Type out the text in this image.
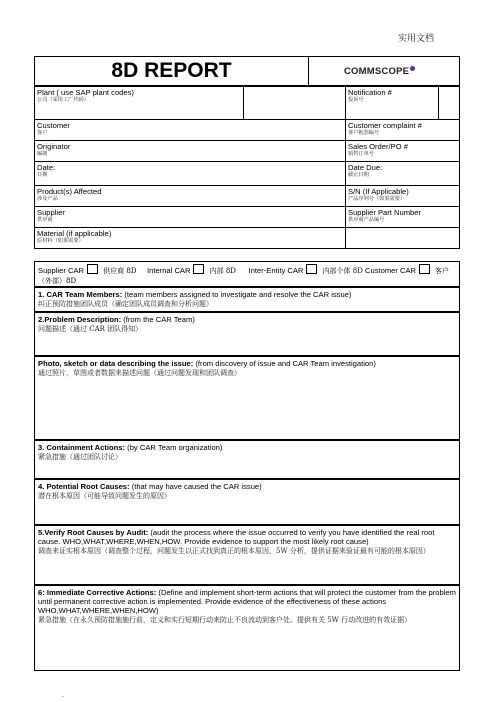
实用文档
8D REPORT	COMMSCOPE
Plant ( use SAP plant codes)
公司（采用工厂代码）		Notification #
投诉号	

Customer
客户		Customer complaint #
客户抱怨编号	

Originator
编制		Sales Order/PO #
销售订单号	

Date:
日期		Date Due:
截止日期	

Product(s) Affected
涉及产品		S/N (If Applicable)
产品序列号（如果需要）	

Supplier
供应商		Supplier Part Number
供应商产品编号	

Material (if applicable)
原材料（如果需要）			

Supplier CAR	供应商 8D Internal CAR	内部 8D Inter-Entity CAR	内部个体 8D Customer CAR	客户（外部）8D
1. CAR Team Members: (team members assigned to investigate and resolve the CAR issue)
纠正预防措施团队成员（确定团队成员调查和分析问题）
2.Problem Description: (from the CAR Team)
问题描述（通过 CAR 团队得知）
Photo, sketch or data describing the issue: (from discovery of issue and CAR Team investigation)
通过照片，草图或者数据来描述问题（通过问题发现和团队调查）
3. Containment Actions: (by CAR Team organization)
紧急措施（通过团队讨论）
4. Potential Root Causes: (that may have caused the CAR issue)
潜在根本原因（可能导致问题发生的原因）
5.Verify Root Causes by Audit: (audit the process where the issue occurred to verify you have identified the real root cause. WHO,WHAT,WHERE,WHEN,HOW. Provide evidence to support the most likely root cause)
调查来证实根本原因（调查整个过程，问题发生以正式找到真正的根本原因，5W 分析，提供证据来验证最有可能的根本原因）
6: Immediate Corrective Actions: (Define and implement short-term actions that will protect the customer from the problem until permanent corrective action is implemented. Provide evidence of the effectiveness of these actions WHO,WHAT,WHERE,WHEN,HOW)
紧急措施（在永久预防措施施行前，定义和实行短期行动来防止不良流动到客户处。提供有关 5W 行动改进的有效证据）
.
